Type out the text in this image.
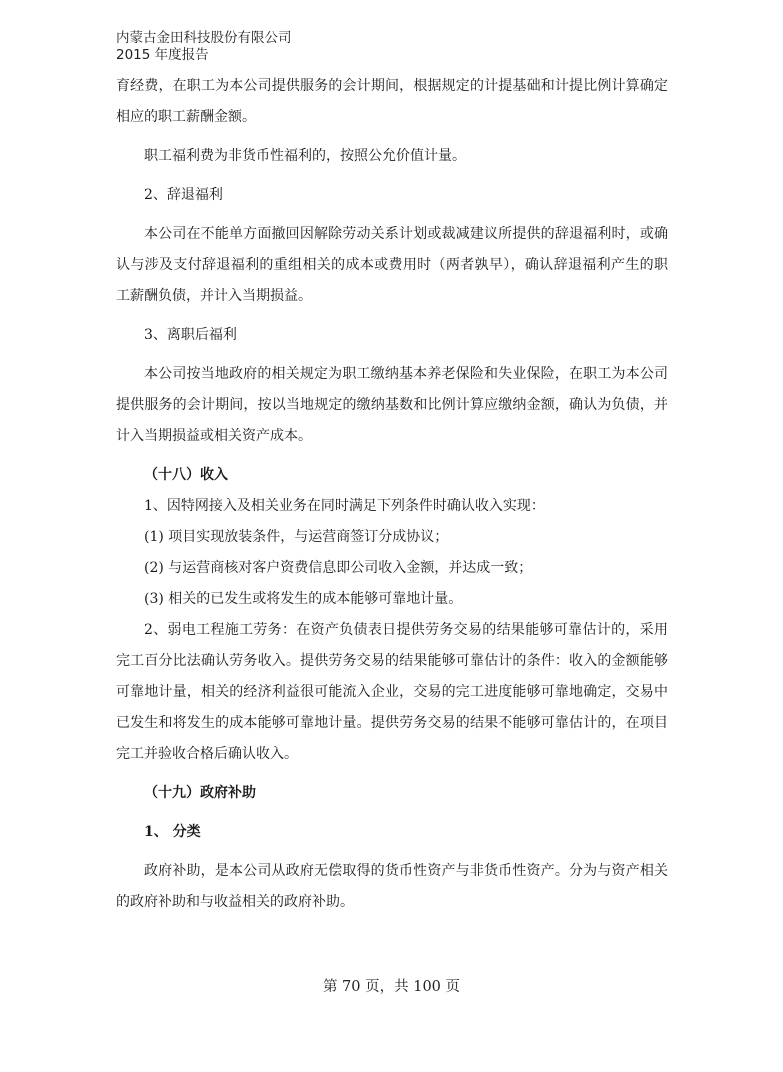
内蒙古金田科技股份有限公司
2015 年度报告

育经费，在职工为本公司提供服务的会计期间，根据规定的计提基础和计提比例计算确定相应的职工薪酬金额。

职工福利费为非货币性福利的，按照公允价值计量。

2、辞退福利

本公司在不能单方面撤回因解除劳动关系计划或裁减建议所提供的辞退福利时，或确认与涉及支付辞退福利的重组相关的成本或费用时（两者孰早），确认辞退福利产生的职工薪酬负债，并计入当期损益。

3、离职后福利

本公司按当地政府的相关规定为职工缴纳基本养老保险和失业保险，在职工为本公司提供服务的会计期间，按以当地规定的缴纳基数和比例计算应缴纳金额，确认为负债，并计入当期损益或相关资产成本。

（十八）收入

1、因特网接入及相关业务在同时满足下列条件时确认收入实现：

(1) 项目实现放装条件，与运营商签订分成协议；

(2) 与运营商核对客户资费信息即公司收入金额，并达成一致；

(3) 相关的已发生或将发生的成本能够可靠地计量。

2、弱电工程施工劳务：在资产负债表日提供劳务交易的结果能够可靠估计的，采用完工百分比法确认劳务收入。提供劳务交易的结果能够可靠估计的条件：收入的金额能够可靠地计量，相关的经济利益很可能流入企业，交易的完工进度能够可靠地确定，交易中已发生和将发生的成本能够可靠地计量。提供劳务交易的结果不能够可靠估计的，在项目完工并验收合格后确认收入。

（十九）政府补助

1、 分类

政府补助，是本公司从政府无偿取得的货币性资产与非货币性资产。分为与资产相关的政府补助和与收益相关的政府补助。

第 70 页，共 100 页
